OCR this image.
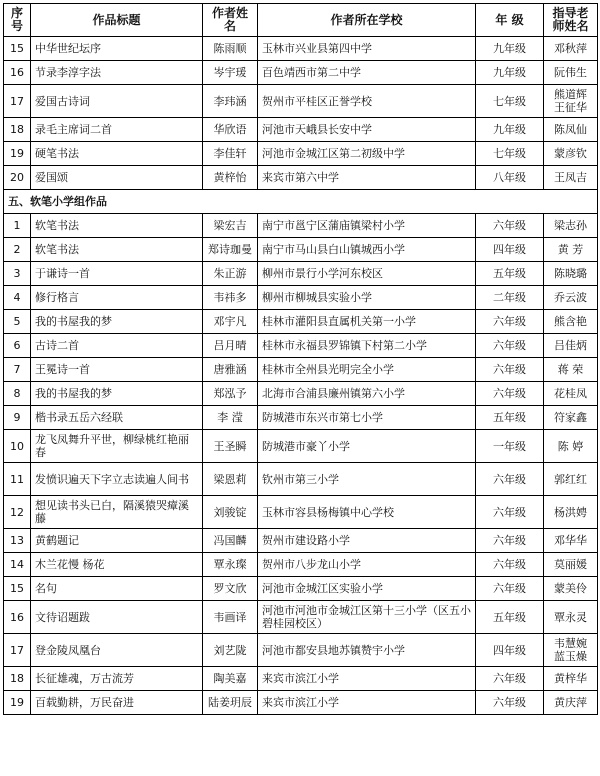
序号	作品标题	作者姓名	作者所在学校	年 级	指导老师姓名
15	中华世纪坛序	陈雨顺	玉林市兴业县第四中学	九年级	邓秋萍
16	节录李淳字法	岑宇瑗	百色靖西市第二中学	九年级	阮伟生
17	爱国古诗词	李玮涵	贺州市平桂区正誉学校	七年级	熊道辉 王征华
18	录毛主席词二首	华欣语	河池市天峨县长安中学	九年级	陈凤仙
19	硬笔书法	李佳轩	河池市金城江区第二初级中学	七年级	蒙彦钦
20	爱国颂	黄梓怡	来宾市第六中学	八年级	王凤吉
五、软笔小学组作品					
1	软笔书法	梁宏吉	南宁市邕宁区蒲庙镇梁村小学	六年级	梁志孙
2	软笔书法	郑诗珈曼	南宁市马山县白山镇城西小学	四年级	黄 芳
3	于谦诗一首	朱正游	柳州市景行小学河东校区	五年级	陈晓璐
4	修行格言	韦祎多	柳州市柳城县实验小学	二年级	乔云波
5	我的书屋我的梦	邓宇凡	桂林市灌阳县直属机关第一小学	六年级	熊含艳
6	古诗二首	吕月晴	桂林市永福县罗锦镇下村第二小学	六年级	吕佳炳
7	王冕诗一首	唐雅涵	桂林市全州县光明完全小学	六年级	蒋 荣
8	我的书屋我的梦	郑泓予	北海市合浦县廉州镇第六小学	六年级	花桂凤
9	楷书录五岳六经联	李 滢	防城港市东兴市第七小学	五年级	符家鑫
10	龙飞凤舞升平世，柳绿桃红艳丽春	王圣瞬	防城港市豪丫小学	一年级	陈 婷
11	发愤识遍天下字立志读遍人间书	梁恩莉	钦州市第三小学	六年级	郭红红
12	想见读书头已白，隔溪猿哭瘴溪藤	刘骏锭	玉林市容县杨梅镇中心学校	六年级	杨洪娉
13	黄鹤题记	冯国麟	贺州市建设路小学	六年级	邓华华
14	木兰花慢 杨花	覃永璨	贺州市八步龙山小学	六年级	莫丽媛
15	名句	罗文欣	河池市金城江区实验小学	六年级	蒙美伶
16	文待诏题跋	韦画译	河池市河池市金城江区第十三小学（区五小碧桂园校区）	五年级	覃永灵
17	登金陵凤凰台	刘艺陇	河池市都安县地苏镇赞宇小学	四年级	韦慧婉 蓝玉燥
18	长征雄魂，万古流芳	陶美嘉	来宾市滨江小学	六年级	黄梓华
19	百载勤耕，万民奋进	陆姜玥辰	来宾市滨江小学	六年级	黄庆萍
